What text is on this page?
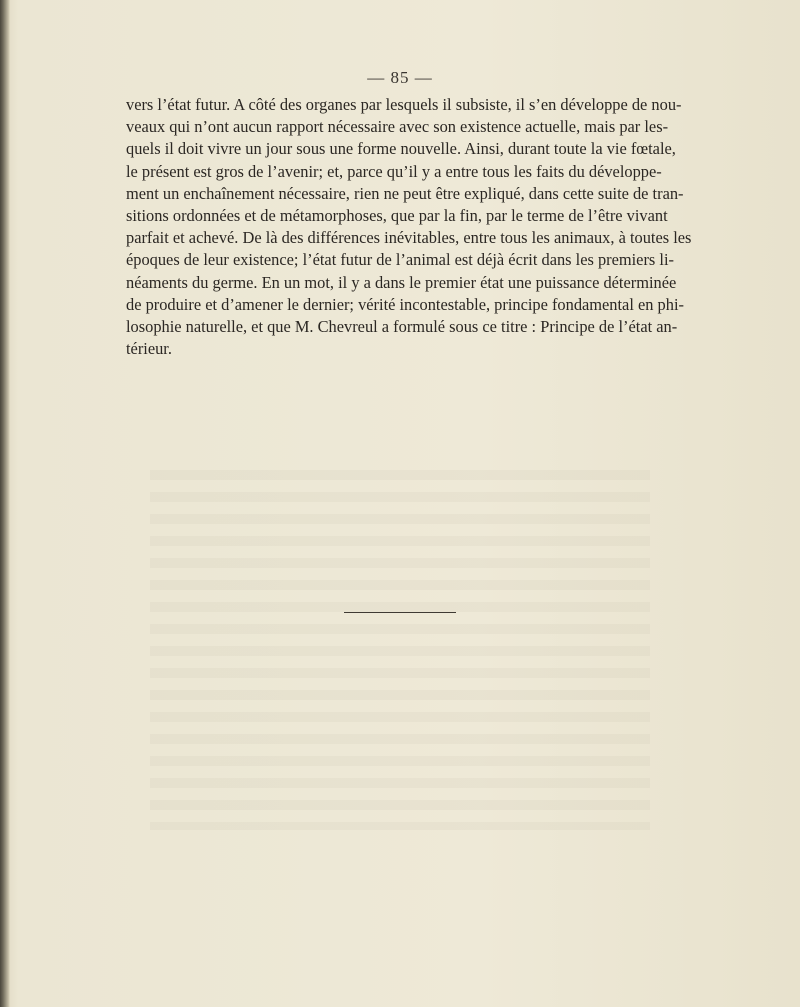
— 85 —

vers l’état futur. A côté des organes par lesquels il subsiste, il s’en développe de nou-
veaux qui n’ont aucun rapport nécessaire avec son existence actuelle, mais par les-
quels il doit vivre un jour sous une forme nouvelle. Ainsi, durant toute la vie fœtale,
le présent est gros de l’avenir; et, parce qu’il y a entre tous les faits du développe-
ment un enchaînement nécessaire, rien ne peut être expliqué, dans cette suite de tran-
sitions ordonnées et de métamorphoses, que par la fin, par le terme de l’être vivant
parfait et achevé. De là des différences inévitables, entre tous les animaux, à toutes les
époques de leur existence; l’état futur de l’animal est déjà écrit dans les premiers li-
néaments du germe. En un mot, il y a dans le premier état une puissance déterminée
de produire et d’amener le dernier; vérité incontestable, principe fondamental en phi-
losophie naturelle, et que M. Chevreul a formulé sous ce titre : Principe de l’état an-
térieur.
